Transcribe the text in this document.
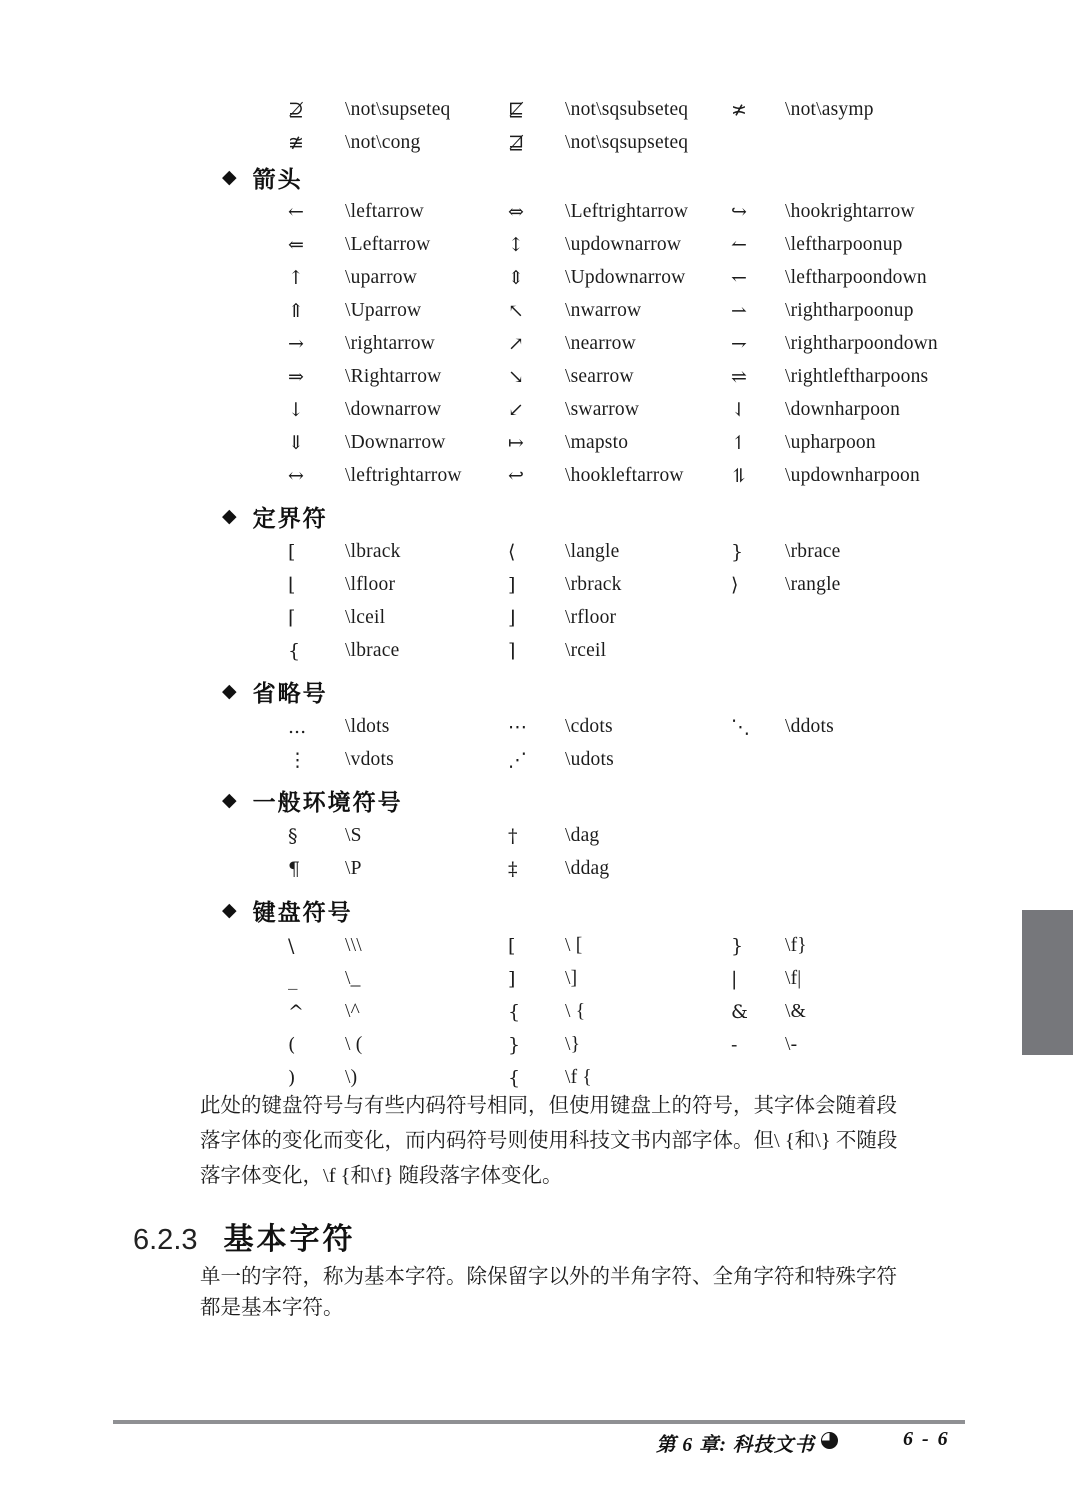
⊉	\not\supseteq	⋢	\not\sqsubseteq	≭	\not\asymp
≇	\not\cong	⋣	\not\sqsupseteq
◆ 箭头
←	\leftarrow	⇔	\Leftrightarrow	↪	\hookrightarrow
⇐	\Leftarrow	↕	\updownarrow	↼	\leftharpoonup
↑	\uparrow	⇕	\Updownarrow	↽	\leftharpoondown
⇑	\Uparrow	↖	\nwarrow	⇀	\rightharpoonup
→	\rightarrow	↗	\nearrow	⇁	\rightharpoondown
⇒	\Rightarrow	↘	\searrow	⇌	\rightleftharpoons
↓	\downarrow	↙	\swarrow	⇃	\downharpoon
⇓	\Downarrow	↦	\mapsto	↿	\upharpoon
↔	\leftrightarrow	↩	\hookleftarrow	⥮	\updownharpoon
◆ 定界符
[	\lbrack	⟨	\langle	}	\rbrace
⌊	\lfloor	]	\rbrack	⟩	\rangle
⌈	\lceil	⌋	\rfloor
{	\lbrace	⌉	\rceil
◆ 省略号
...	\ldots	⋯	\cdots	⋱	\ddots
⋮	\vdots	⋰	\udots
◆ 一般环境符号
§	\S	†	\dag
¶	\P	‡	\ddag
◆ 键盘符号
\	\\\	[	\ [	}	\f}
_	\_	]	\]	|	\f|
^	\^	{	\ {	&	\&
(	\ (	}	\}	-	\-
)	\)	{	\f {
此处的键盘符号与有些内码符号相同，但使用键盘上的符号，其字体会随着段
落字体的变化而变化，而内码符号则使用科技文书内部字体。但\ {和\} 不随段
落字体变化，\f {和\f} 随段落字体变化。
6.2.3 基本字符
单一的字符，称为基本字符。除保留字以外的半角字符、全角字符和特殊字符
都是基本字符。
第 6 章: 科技文书	6 - 6
